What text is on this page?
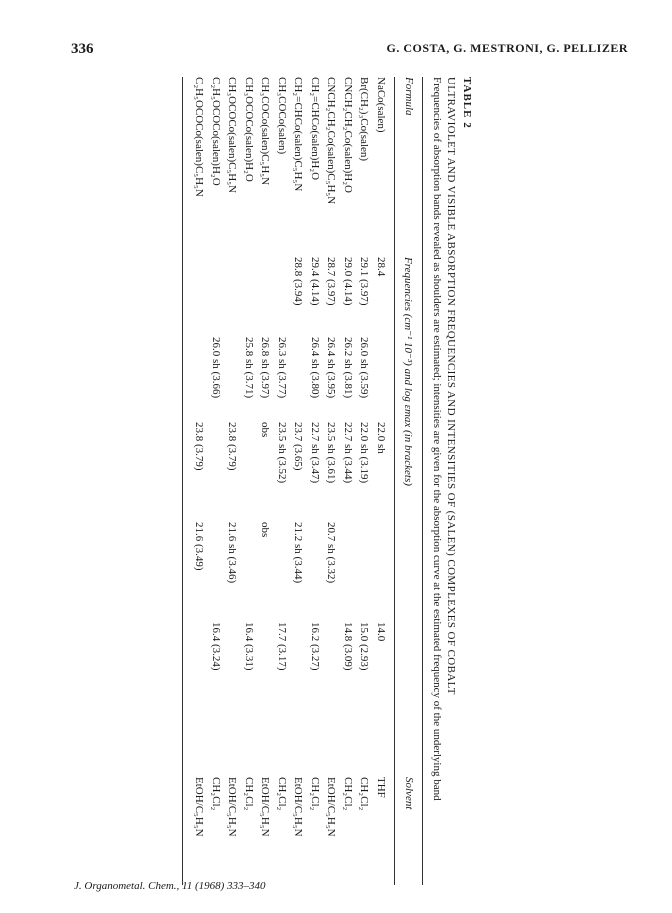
336	G. COSTA, G. MESTRONI, G. PELLIZER
TABLE 2
ULTRAVIOLET AND VISIBLE ABSORPTION FREQUENCIES AND INTENSITIES OF (SALEN) COMPLEXES OF COBALT
Frequencies of absorption bands revealed as shoulders are estimated; intensities are given for the absorption curve at the estimated frequency of the underlying band
Formula
Frequencies (cm⁻¹ 10⁻³) and log εmax (in brackets)
Solvent
NaCo(salen)
28.4
22.0 sh
14.0
THF
Br(CH₂)₃Co(salen)
29.1 (3.97)
26.0 sh (3.59)
22.0 sh (3.19)
15.0 (2.93)
CH₂Cl₂
CNCH₂CH₂Co(salen)H₂O
29.0 (4.14)
26.2 sh (3.81)
22.7 sh (3.44)
14.8 (3.09)
CH₂Cl₂
CNCH₂CH₂Co(salen)C₅H₅N
28.7 (3.97)
26.4 sh (3.95)
23.5 sh (3.61)
20.7 sh (3.32)
EtOH/C₅H₅N
CH₂=CHCo(salen)H₂O
29.4 (4.14)
26.4 sh (3.80)
22.7 sh (3.47)
16.2 (3.27)
CH₂Cl₂
CH₂=CHCo(salen)C₅H₅N
28.8 (3.94)
23.7 (3.65)
21.2 sh (3.44)
EtOH/C₅H₅N
CH₃COCo(salen)
26.3 sh (3.77)
23.5 sh (3.52)
17.7 (3.17)
CH₂Cl₂
CH₃COCo(salen)C₅H₅N
26.8 sh (3.97)
obs
obs
EtOH/C₅H₅N
CH₃OCOCo(salen)H₂O
25.8 sh (3.71)
16.4 (3.31)
CH₂Cl₂
CH₃OCOCo(salen)C₅H₅N
23.8 (3.79)
21.6 sh (3.46)
EtOH/C₅H₅N
C₂H₅OCOCo(salen)H₂O
26.0 sh (3.66)
16.4 (3.24)
CH₂Cl₂
C₂H₅OCOCo(salen)C₅H₅N
23.8 (3.79)
21.6 (3.49)
EtOH/C₅H₅N
J. Organometal. Chem., 11 (1968) 333–340
